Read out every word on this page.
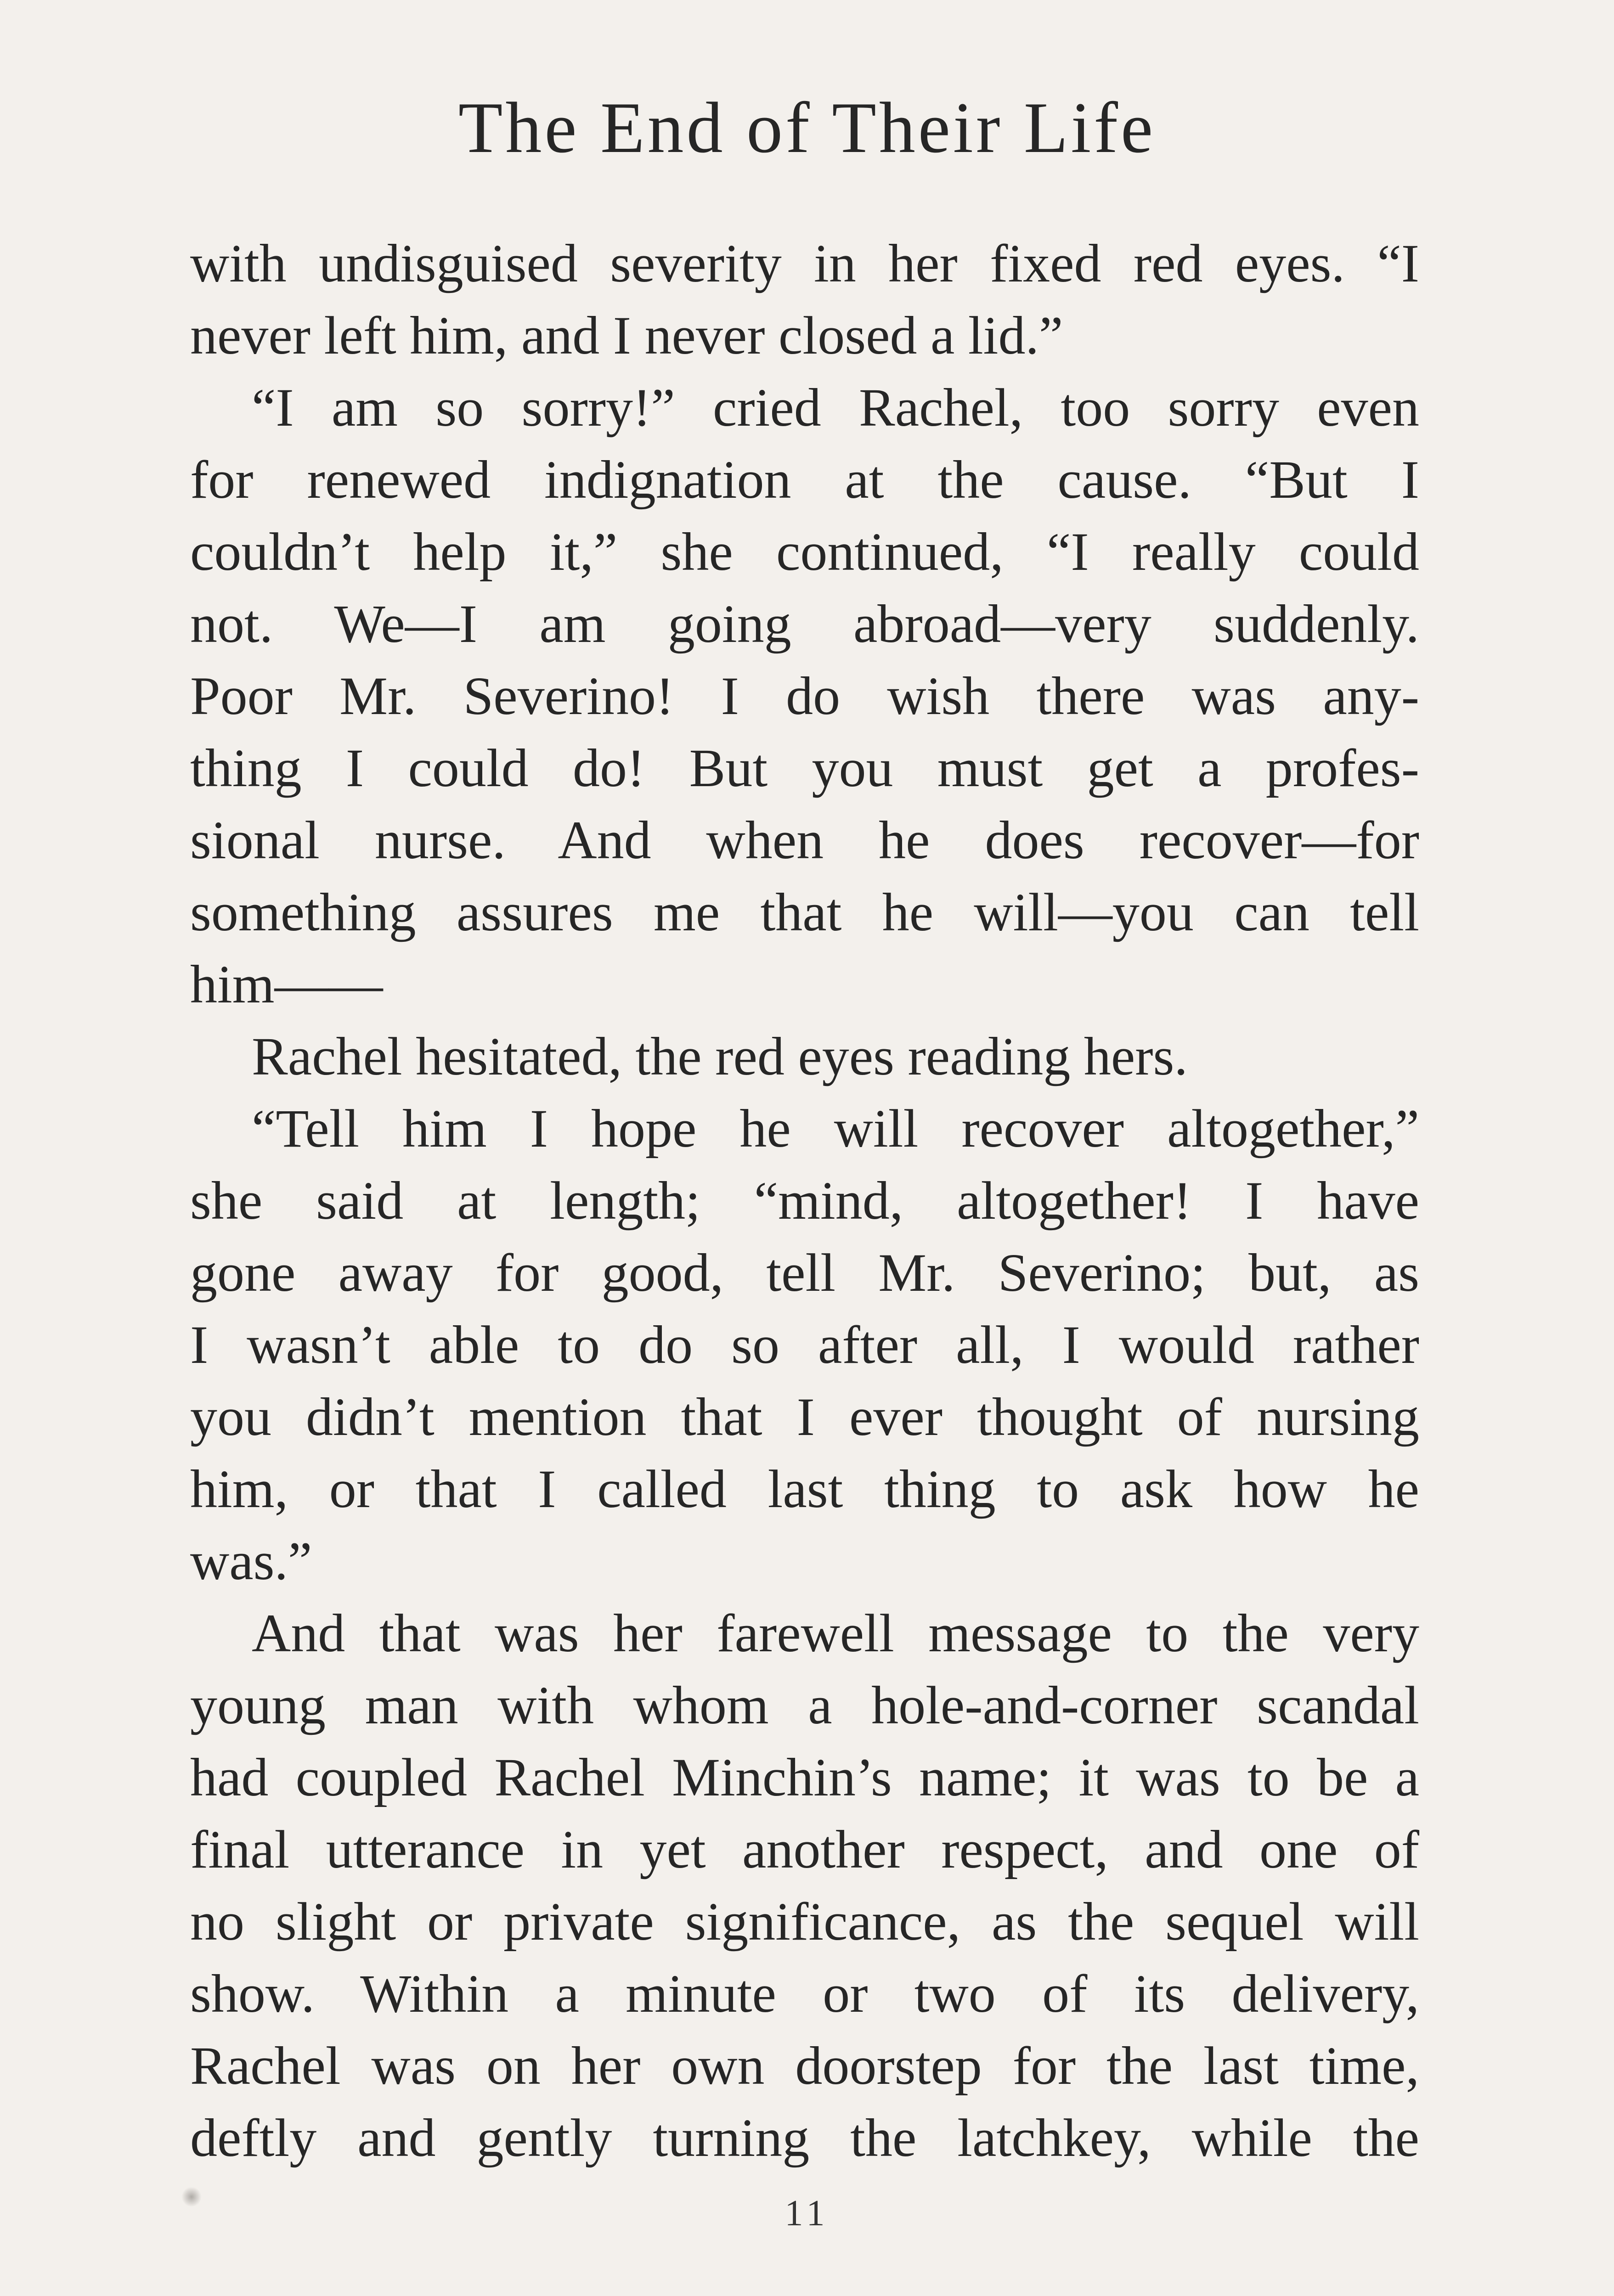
The End of Their Life
with undisguised severity in her fixed red eyes. “I
never left him, and I never closed a lid.”
“I am so sorry!” cried Rachel, too sorry even
for renewed indignation at the cause. “But I
couldn’t help it,” she continued, “I really could
not. We—I am going abroad—very suddenly.
Poor Mr. Severino! I do wish there was any-
thing I could do! But you must get a profes-
sional nurse. And when he does recover—for
something assures me that he will—you can tell
him——
Rachel hesitated, the red eyes reading hers.
“Tell him I hope he will recover altogether,”
she said at length; “mind, altogether! I have
gone away for good, tell Mr. Severino; but, as
I wasn’t able to do so after all, I would rather
you didn’t mention that I ever thought of nursing
him, or that I called last thing to ask how he
was.”
And that was her farewell message to the very
young man with whom a hole-and-corner scandal
had coupled Rachel Minchin’s name; it was to be a
final utterance in yet another respect, and one of
no slight or private significance, as the sequel will
show. Within a minute or two of its delivery,
Rachel was on her own doorstep for the last time,
deftly and gently turning the latchkey, while the
11
